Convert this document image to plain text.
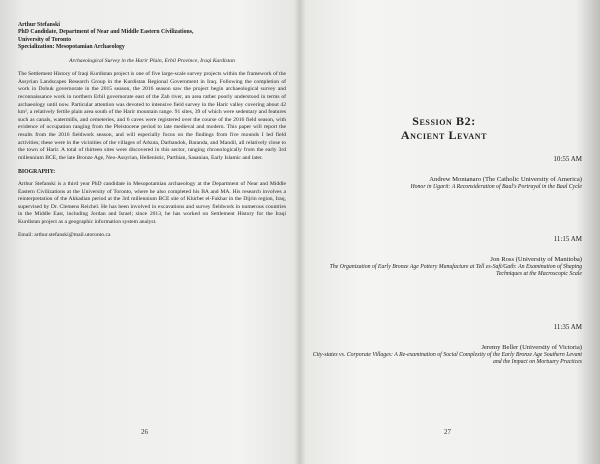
Arthur Stefanski
PhD Candidate, Department of Near and Middle Eastern Civilizations,
University of Toronto
Specialization: Mesopotamian Archaeology
Archaeological Survey in the Harir Plain, Erbil Province, Iraqi Kurdistan

The Settlement History of Iraqi Kurdistan project is one of five large-scale survey projects within the framework of the Assyrian Landscapes Research Group in the Kurdistan Regional Government in Iraq. Following the completion of work in Dohuk governorate in the 2015 season, the 2016 season saw the project begin archaeological survey and reconnaissance work in northern Erbil governorate east of the Zab river, an area rather poorly understood in terms of archaeology until now. Particular attention was devoted to intensive field survey in the Harir valley covering about 42 km², a relatively fertile plain area south of the Harir mountain range. 91 sites, 39 of which were sedentary and features such as canals, watermills, and cemeteries, and 6 caves were registered over the course of the 2016 field season, with evidence of occupation ranging from the Pleistocene period to late medieval and modern. This paper will report the results from the 2016 fieldwork season, and will especially focus on the findings from five mounds I led field activities; these were in the vicinities of the villages of Arkuta, Darbandok, Baranda, and Mandil, all relatively close to the town of Harir. A total of thirteen sites were discovered in this sector, ranging chronologically from the early 3rd millennium BCE, the late Bronze Age, Neo-Assyrian, Hellenistic, Parthian, Sasanian, Early Islamic and later.

BIOGRAPHY:
Arthur Stefanski is a third year PhD candidate in Mesopotamian archaeology at the Department of Near and Middle Eastern Civilizations at the University of Toronto, where he also completed his BA and MA. His research involves a reinterpretation of the Akkadian period at the 3rd millennium BCE site of Khirbet el-Fukhar in the Dijrin region, Iraq, supervised by Dr. Clemens Reichel. He has been involved in excavations and survey fieldwork in numerous countries in the Middle East, including Jordan and Israel; since 2013, he has worked on Settlement History for the Iraqi Kurdistan project as a geographic information system analyst.
Email: arthur.stefanski@mail.utoronto.ca
26
Session B2:
Ancient Levant
10:55 AM
Andrew Montanaro (The Catholic University of America)
Honor in Ugarit: A Reconsideration of Baal's Portrayal in the Baal Cycle
11:15 AM
Jon Ross (University of Manitoba)
The Organization of Early Bronze Age Pottery Manufacture at Tell es-Safi/Gath: An Examination of Shaping Techniques at the Macroscopic Scale
11:35 AM
Jeremy Beller (University of Victoria)
City-states vs. Corporate Villages: A Re-examination of Social Complexity of the Early Bronze Age Southern Levant and the Impact on Mortuary Practices
27
